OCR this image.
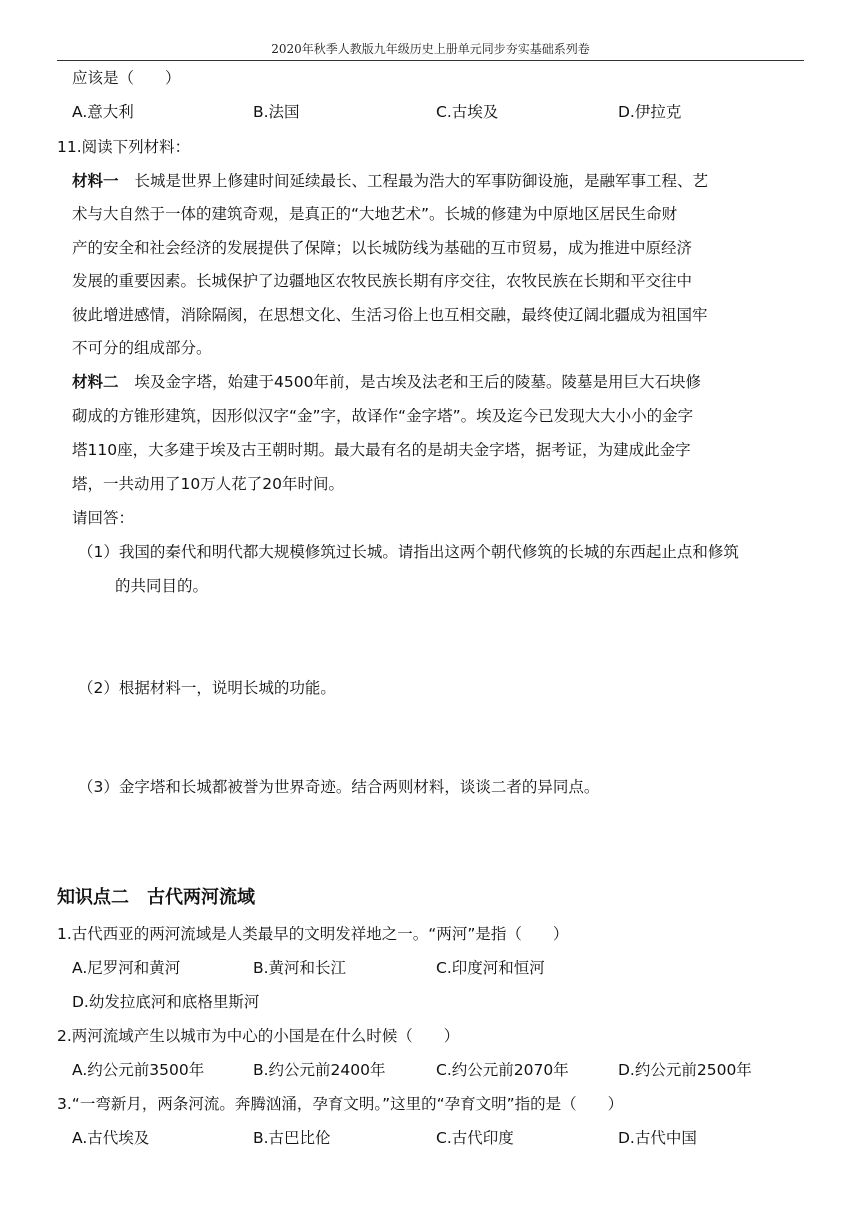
2020年秋季人教版九年级历史上册单元同步夯实基础系列卷
应该是（　　）
A.意大利	B.法国	C.古埃及	D.伊拉克
11.阅读下列材料：
材料一 长城是世界上修建时间延续最长、工程最为浩大的军事防御设施，是融军事工程、艺
术与大自然于一体的建筑奇观，是真正的“大地艺术”。长城的修建为中原地区居民生命财
产的安全和社会经济的发展提供了保障；以长城防线为基础的互市贸易，成为推进中原经济
发展的重要因素。长城保护了边疆地区农牧民族长期有序交往，农牧民族在长期和平交往中
彼此增进感情，消除隔阂，在思想文化、生活习俗上也互相交融，最终使辽阔北疆成为祖国牢
不可分的组成部分。
材料二 埃及金字塔，始建于4500年前，是古埃及法老和王后的陵墓。陵墓是用巨大石块修
砌成的方锥形建筑，因形似汉字“金”字，故译作“金字塔”。埃及迄今已发现大大小小的金字
塔110座，大多建于埃及古王朝时期。最大最有名的是胡夫金字塔，据考证，为建成此金字
塔，一共动用了10万人花了20年时间。
请回答：
（1）我国的秦代和明代都大规模修筑过长城。请指出这两个朝代修筑的长城的东西起止点和修筑
的共同目的。
（2）根据材料一，说明长城的功能。
（3）金字塔和长城都被誉为世界奇迹。结合两则材料，谈谈二者的异同点。
知识点二 古代两河流域
1.古代西亚的两河流域是人类最早的文明发祥地之一。“两河”是指（　　）
A.尼罗河和黄河	B.黄河和长江	C.印度河和恒河
D.幼发拉底河和底格里斯河
2.两河流域产生以城市为中心的小国是在什么时候（　　）
A.约公元前3500年	B.约公元前2400年	C.约公元前2070年	D.约公元前2500年
3.“一弯新月，两条河流。奔腾汹涌，孕育文明。”这里的“孕育文明”指的是（　　）
A.古代埃及	B.古巴比伦	C.古代印度	D.古代中国
